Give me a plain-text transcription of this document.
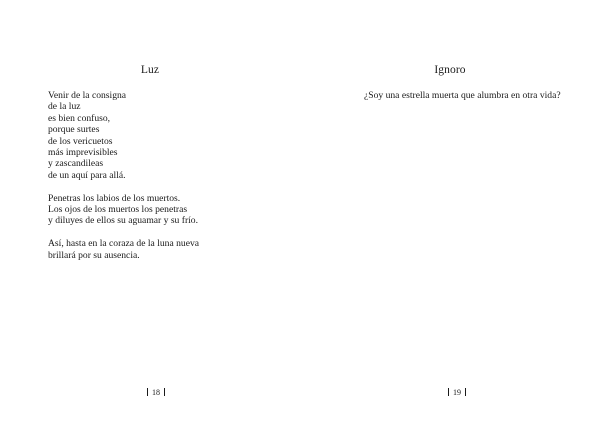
Luz

Venir de la consigna
de la luz
es bien confuso,
porque surtes
de los vericuetos
más imprevisibles
y zascandileas
de un aquí para allá.

Penetras los labios de los muertos.
Los ojos de los muertos los penetras
y diluyes de ellos su aguamar y su frío.

Así, hasta en la coraza de la luna nueva
brillará por su ausencia.

18
Ignoro

¿Soy una estrella muerta que alumbra en otra vida?

19
